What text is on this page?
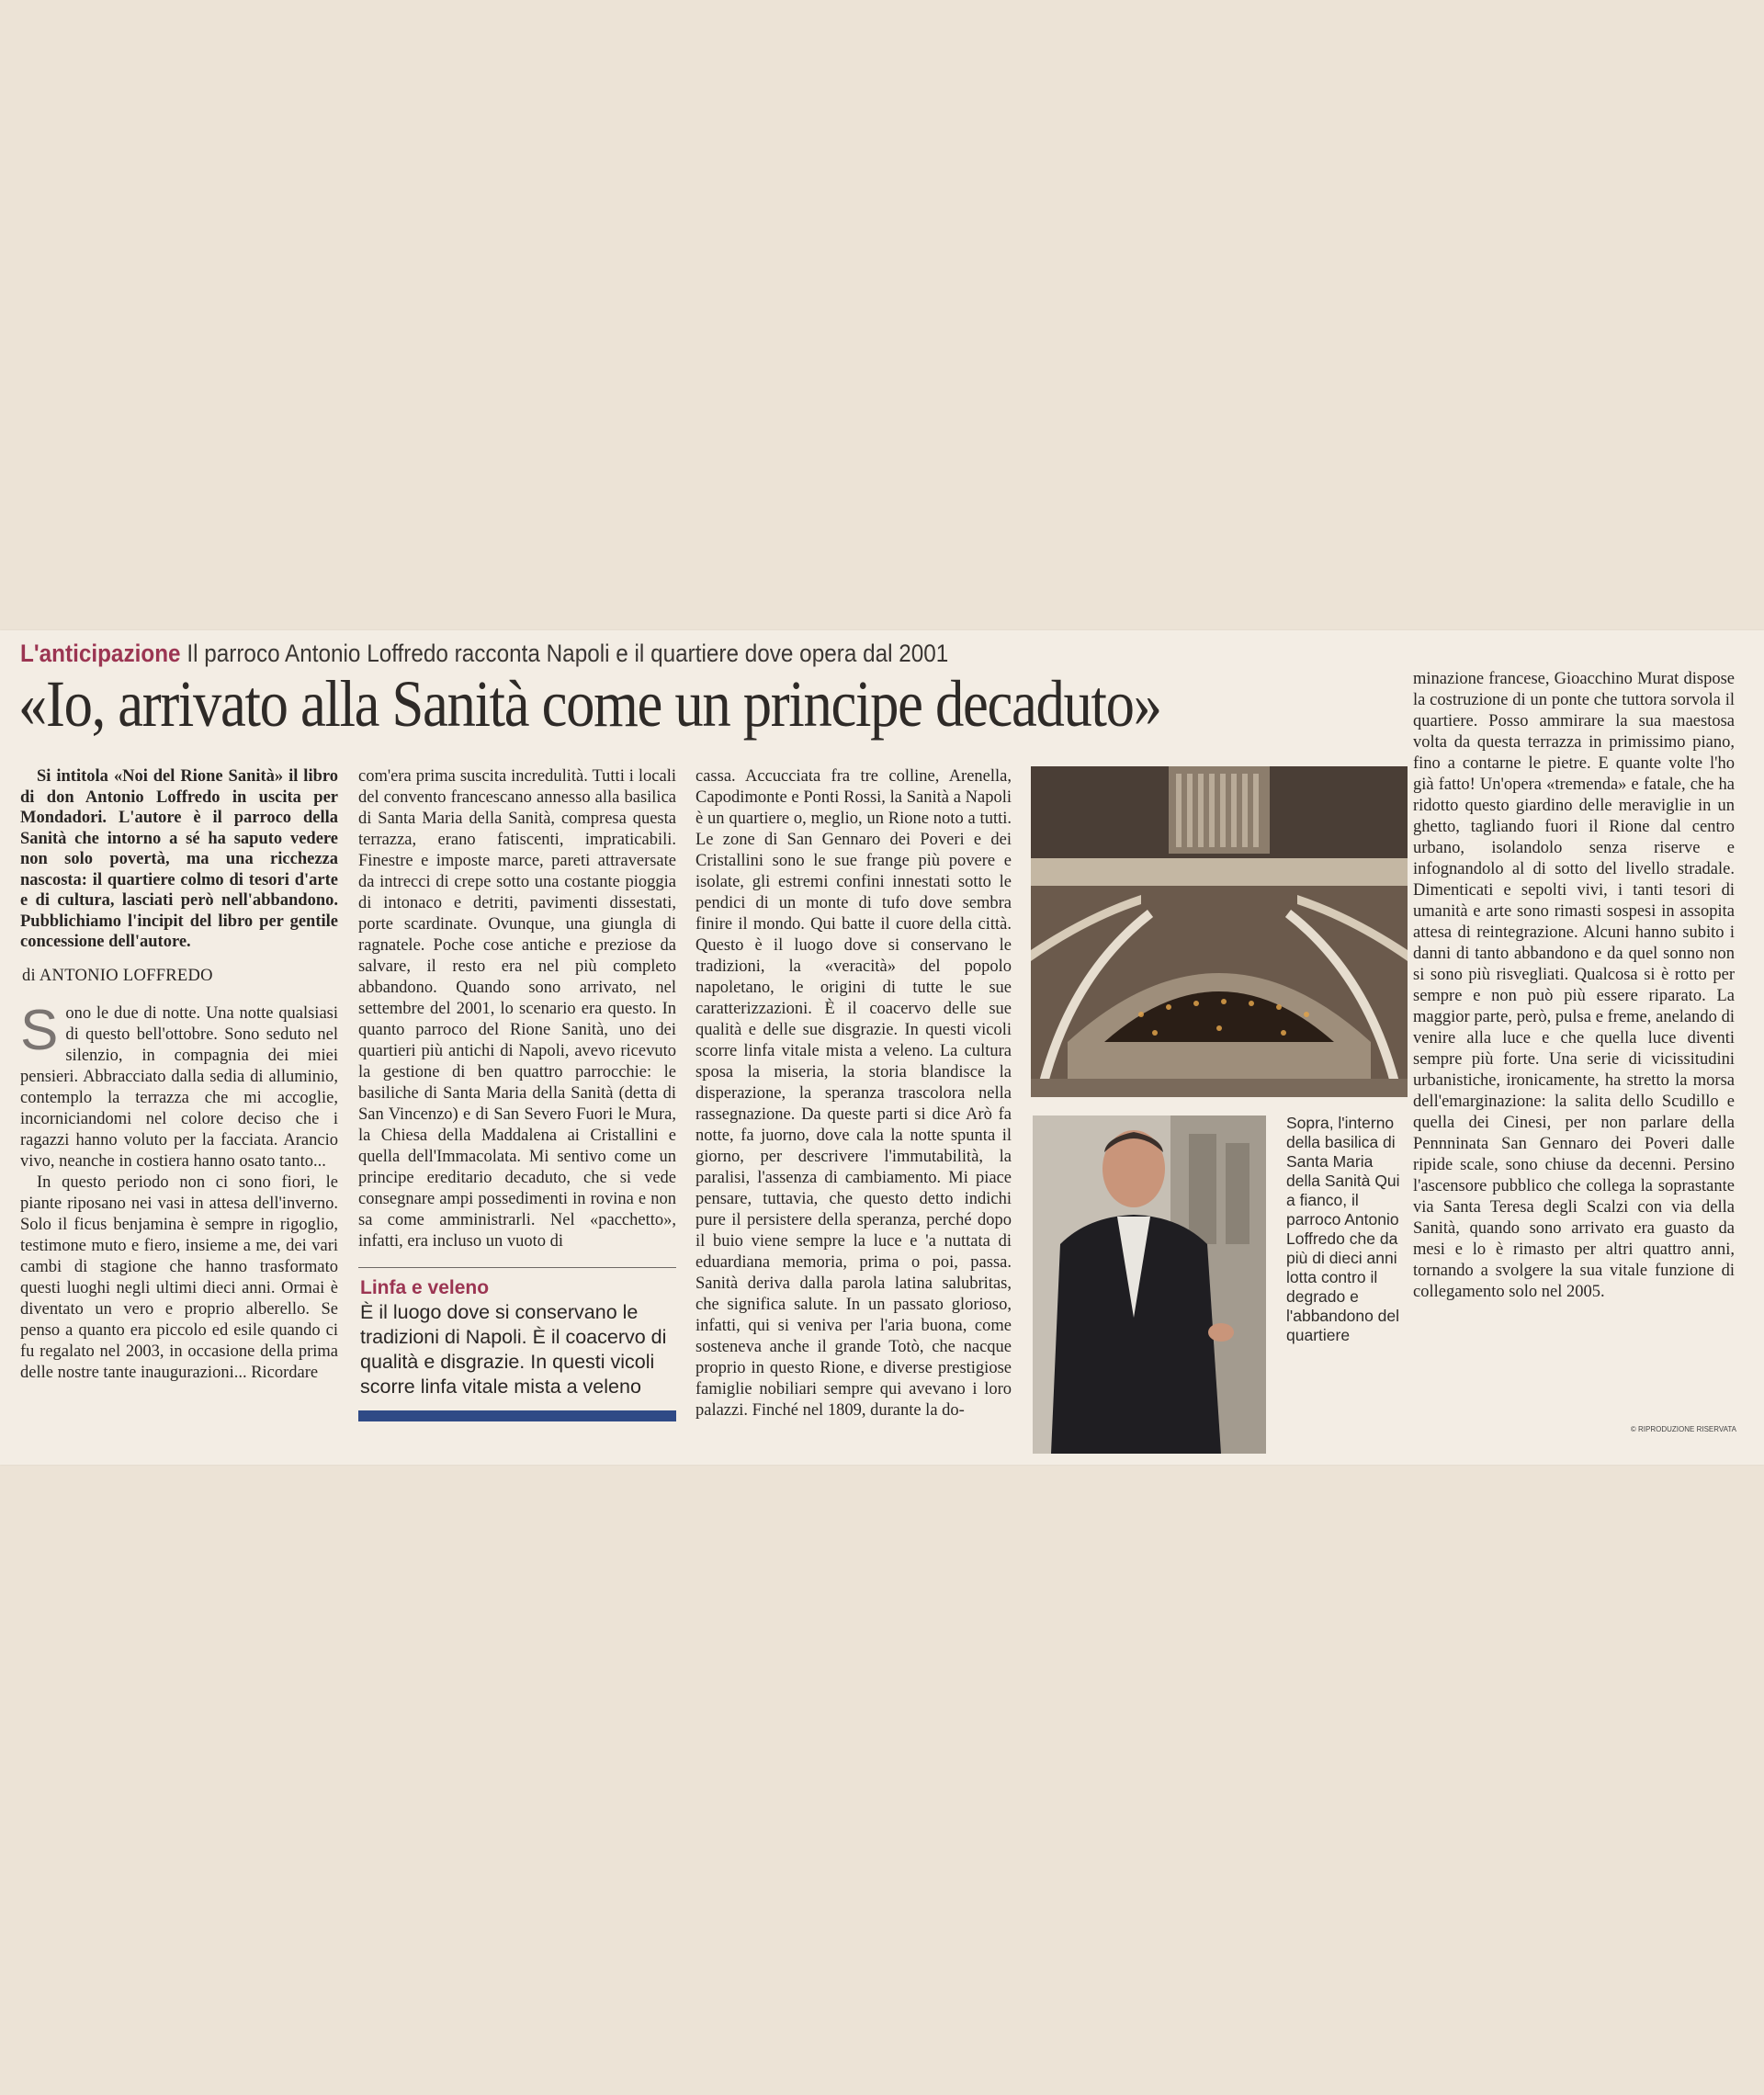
L'anticipazione Il parroco Antonio Loffredo racconta Napoli e il quartiere dove opera dal 2001
«Io, arrivato alla Sanità come un principe decaduto»

Si intitola «Noi del Rione Sanità» il libro di don Antonio Loffredo in uscita per Mondadori. L'autore è il parroco della Sanità che intorno a sé ha saputo vedere non solo povertà, ma una ricchezza nascosta: il quartiere colmo di tesori d'arte e di cultura, lasciati però nell'abbandono. Pubblichiamo l'incipit del libro per gentile concessione dell'autore.

di ANTONIO LOFFREDO

Sono le due di notte. Una notte qualsiasi di questo bell'ottobre. Sono seduto nel silenzio, in compagnia dei miei pensieri. Abbracciato dalla sedia di alluminio, contemplo la terrazza che mi accoglie, incorniciandomi nel colore deciso che i ragazzi hanno voluto per la facciata. Arancio vivo, neanche in costiera hanno osato tanto...

In questo periodo non ci sono fiori, le piante riposano nei vasi in attesa dell'inverno. Solo il ficus benjamina è sempre in rigoglio, testimone muto e fiero, insieme a me, dei vari cambi di stagione che hanno trasformato questi luoghi negli ultimi dieci anni. Ormai è diventato un vero e proprio alberello. Se penso a quanto era piccolo ed esile quando ci fu regalato nel 2003, in occasione della prima delle nostre tante inaugurazioni... Ricordare

com'era prima suscita incredulità. Tutti i locali del convento francescano annesso alla basilica di Santa Maria della Sanità, compresa questa terrazza, erano fatiscenti, impraticabili. Finestre e imposte marce, pareti attraversate da intrecci di crepe sotto una costante pioggia di intonaco e detriti, pavimenti dissestati, porte scardinate. Ovunque, una giungla di ragnatele. Poche cose antiche e preziose da salvare, il resto era nel più completo abbandono. Quando sono arrivato, nel settembre del 2001, lo scenario era questo. In quanto parroco del Rione Sanità, uno dei quartieri più antichi di Napoli, avevo ricevuto la gestione di ben quattro parrocchie: le basiliche di Santa Maria della Sanità (detta di San Vincenzo) e di San Severo Fuori le Mura, la Chiesa della Maddalena ai Cristallini e quella dell'Immacolata. Mi sentivo come un principe ereditario decaduto, che si vede consegnare ampi possedimenti in rovina e non sa come amministrarli. Nel «pacchetto», infatti, era incluso un vuoto di

Linfa e veleno
È il luogo dove si conservano le tradizioni di Napoli. È il coacervo di qualità e disgrazie. In questi vicoli scorre linfa vitale mista a veleno

cassa. Accucciata fra tre colline, Arenella, Capodimonte e Ponti Rossi, la Sanità a Napoli è un quartiere o, meglio, un Rione noto a tutti. Le zone di San Gennaro dei Poveri e dei Cristallini sono le sue frange più povere e isolate, gli estremi confini innestati sotto le pendici di un monte di tufo dove sembra finire il mondo. Qui batte il cuore della città. Questo è il luogo dove si conservano le tradizioni, la «veracità» del popolo napoletano, le origini di tutte le sue caratterizzazioni. È il coacervo delle sue qualità e delle sue disgrazie. In questi vicoli scorre linfa vitale mista a veleno. La cultura sposa la miseria, la storia blandisce la disperazione, la speranza trascolora nella rassegnazione. Da queste parti si dice Arò fa notte, fa juorno, dove cala la notte spunta il giorno, per descrivere l'immutabilità, la paralisi, l'assenza di cambiamento. Mi piace pensare, tuttavia, che questo detto indichi pure il persistere della speranza, perché dopo il buio viene sempre la luce e 'a nuttata di eduardiana memoria, prima o poi, passa. Sanità deriva dalla parola latina salubritas, che significa salute. In un passato glorioso, infatti, qui si veniva per l'aria buona, come sosteneva anche il grande Totò, che nacque proprio in questo Rione, e diverse prestigiose famiglie nobiliari sempre qui avevano i loro palazzi. Finché nel 1809, durante la do-

Sopra, l'interno della basilica di Santa Maria della Sanità Qui a fianco, il parroco Antonio Loffredo che da più di dieci anni lotta contro il degrado e l'abbandono del quartiere

minazione francese, Gioacchino Murat dispose la costruzione di un ponte che tuttora sorvola il quartiere. Posso ammirare la sua maestosa volta da questa terrazza in primissimo piano, fino a contarne le pietre. E quante volte l'ho già fatto! Un'opera «tremenda» e fatale, che ha ridotto questo giardino delle meraviglie in un ghetto, tagliando fuori il Rione dal centro urbano, isolandolo senza riserve e infognandolo al di sotto del livello stradale. Dimenticati e sepolti vivi, i tanti tesori di umanità e arte sono rimasti sospesi in assopita attesa di reintegrazione. Alcuni hanno subito i danni di tanto abbandono e da quel sonno non si sono più risvegliati. Qualcosa si è rotto per sempre e non può più essere riparato. La maggior parte, però, pulsa e freme, anelando di venire alla luce e che quella luce diventi sempre più forte. Una serie di vicissitudini urbanistiche, ironicamente, ha stretto la morsa dell'emarginazione: la salita dello Scudillo e quella dei Cinesi, per non parlare della Pennninata San Gennaro dei Poveri dalle ripide scale, sono chiuse da decenni. Persino l'ascensore pubblico che collega la soprastante via Santa Teresa degli Scalzi con via della Sanità, quando sono arrivato era guasto da mesi e lo è rimasto per altri quattro anni, tornando a svolgere la sua vitale funzione di collegamento solo nel 2005.

© RIPRODUZIONE RISERVATA
